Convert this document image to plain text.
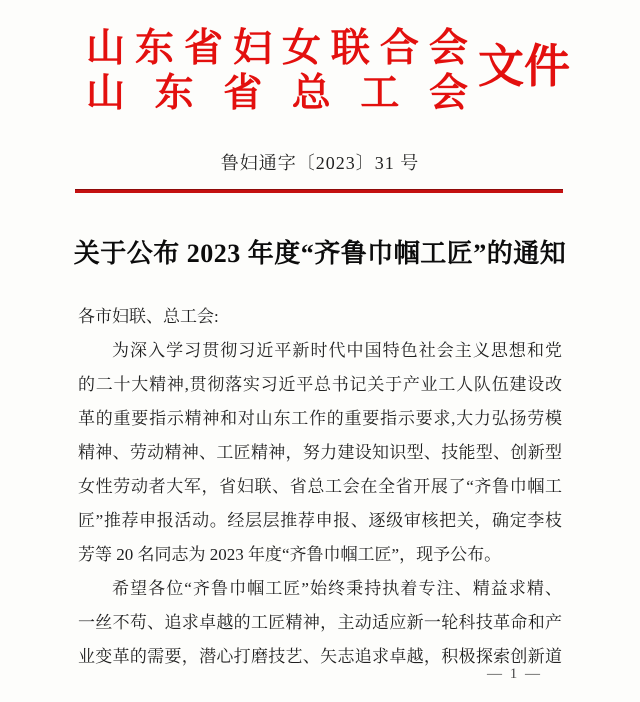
山 东 省 妇 女 联 合 会
山 东 省 总 工 会
文件
鲁妇通字〔2023〕31 号
关于公布 2023 年度“齐鲁巾帼工匠”的通知
各市妇联、总工会:
为深入学习贯彻习近平新时代中国特色社会主义思想和党
的二十大精神,贯彻落实习近平总书记关于产业工人队伍建设改
革的重要指示精神和对山东工作的重要指示要求,大力弘扬劳模
精神、劳动精神、工匠精神，努力建设知识型、技能型、创新型
女性劳动者大军，省妇联、省总工会在全省开展了“齐鲁巾帼工
匠”推荐申报活动。经层层推荐申报、逐级审核把关，确定李枝
芳等 20 名同志为 2023 年度“齐鲁巾帼工匠”，现予公布。
希望各位“齐鲁巾帼工匠”始终秉持执着专注、精益求精、
一丝不苟、追求卓越的工匠精神，主动适应新一轮科技革命和产
业变革的需要，潜心打磨技艺、矢志追求卓越，积极探索创新道
— 1 —
